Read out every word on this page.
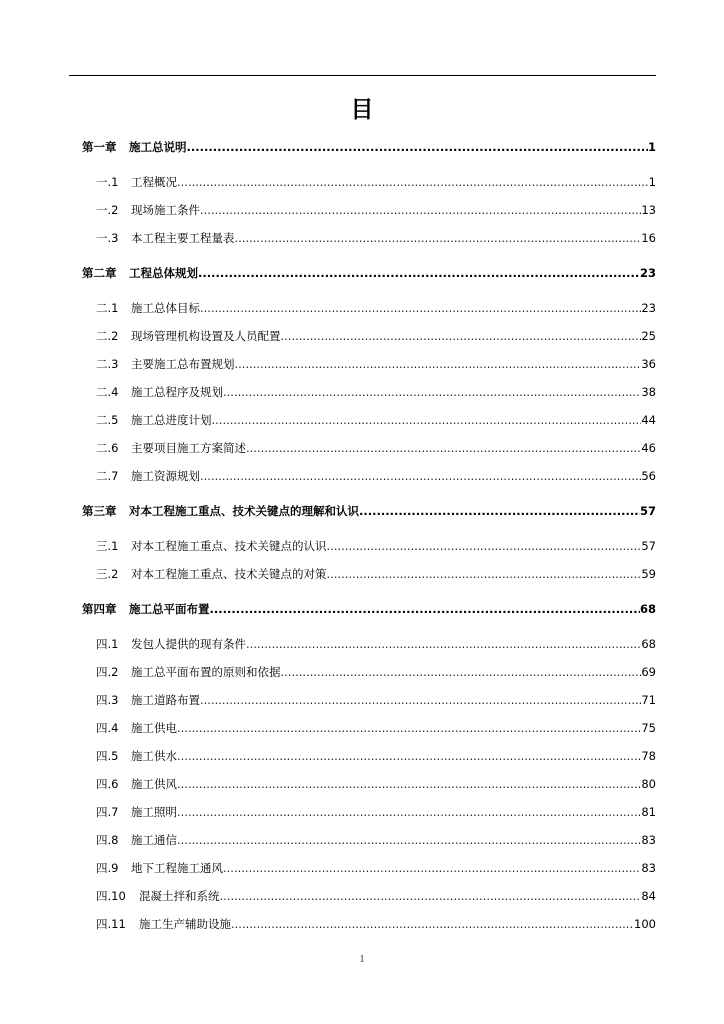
目
第一章	施工总说明 .....	1
一.1	工程概况 .....	1
一.2	现场施工条件 .....	13
一.3	本工程主要工程量表 .....	16
第二章	工程总体规划 .....	23
二.1	施工总体目标 .....	23
二.2	现场管理机构设置及人员配置 .....	25
二.3	主要施工总布置规划 .....	36
二.4	施工总程序及规划 .....	38
二.5	施工总进度计划 .....	44
二.6	主要项目施工方案简述 .....	46
二.7	施工资源规划 .....	56
第三章	对本工程施工重点、技术关键点的理解和认识 .....	57
三.1	对本工程施工重点、技术关键点的认识 .....	57
三.2	对本工程施工重点、技术关键点的对策 .....	59
第四章	施工总平面布置 .....	68
四.1	发包人提供的现有条件 .....	68
四.2	施工总平面布置的原则和依据 .....	69
四.3	施工道路布置 .....	71
四.4	施工供电 .....	75
四.5	施工供水 .....	78
四.6	施工供风 .....	80
四.7	施工照明 .....	81
四.8	施工通信 .....	83
四.9	地下工程施工通风 .....	83
四.10	混凝土拌和系统 .....	84
四.11	施工生产辅助设施 .....	100
1
